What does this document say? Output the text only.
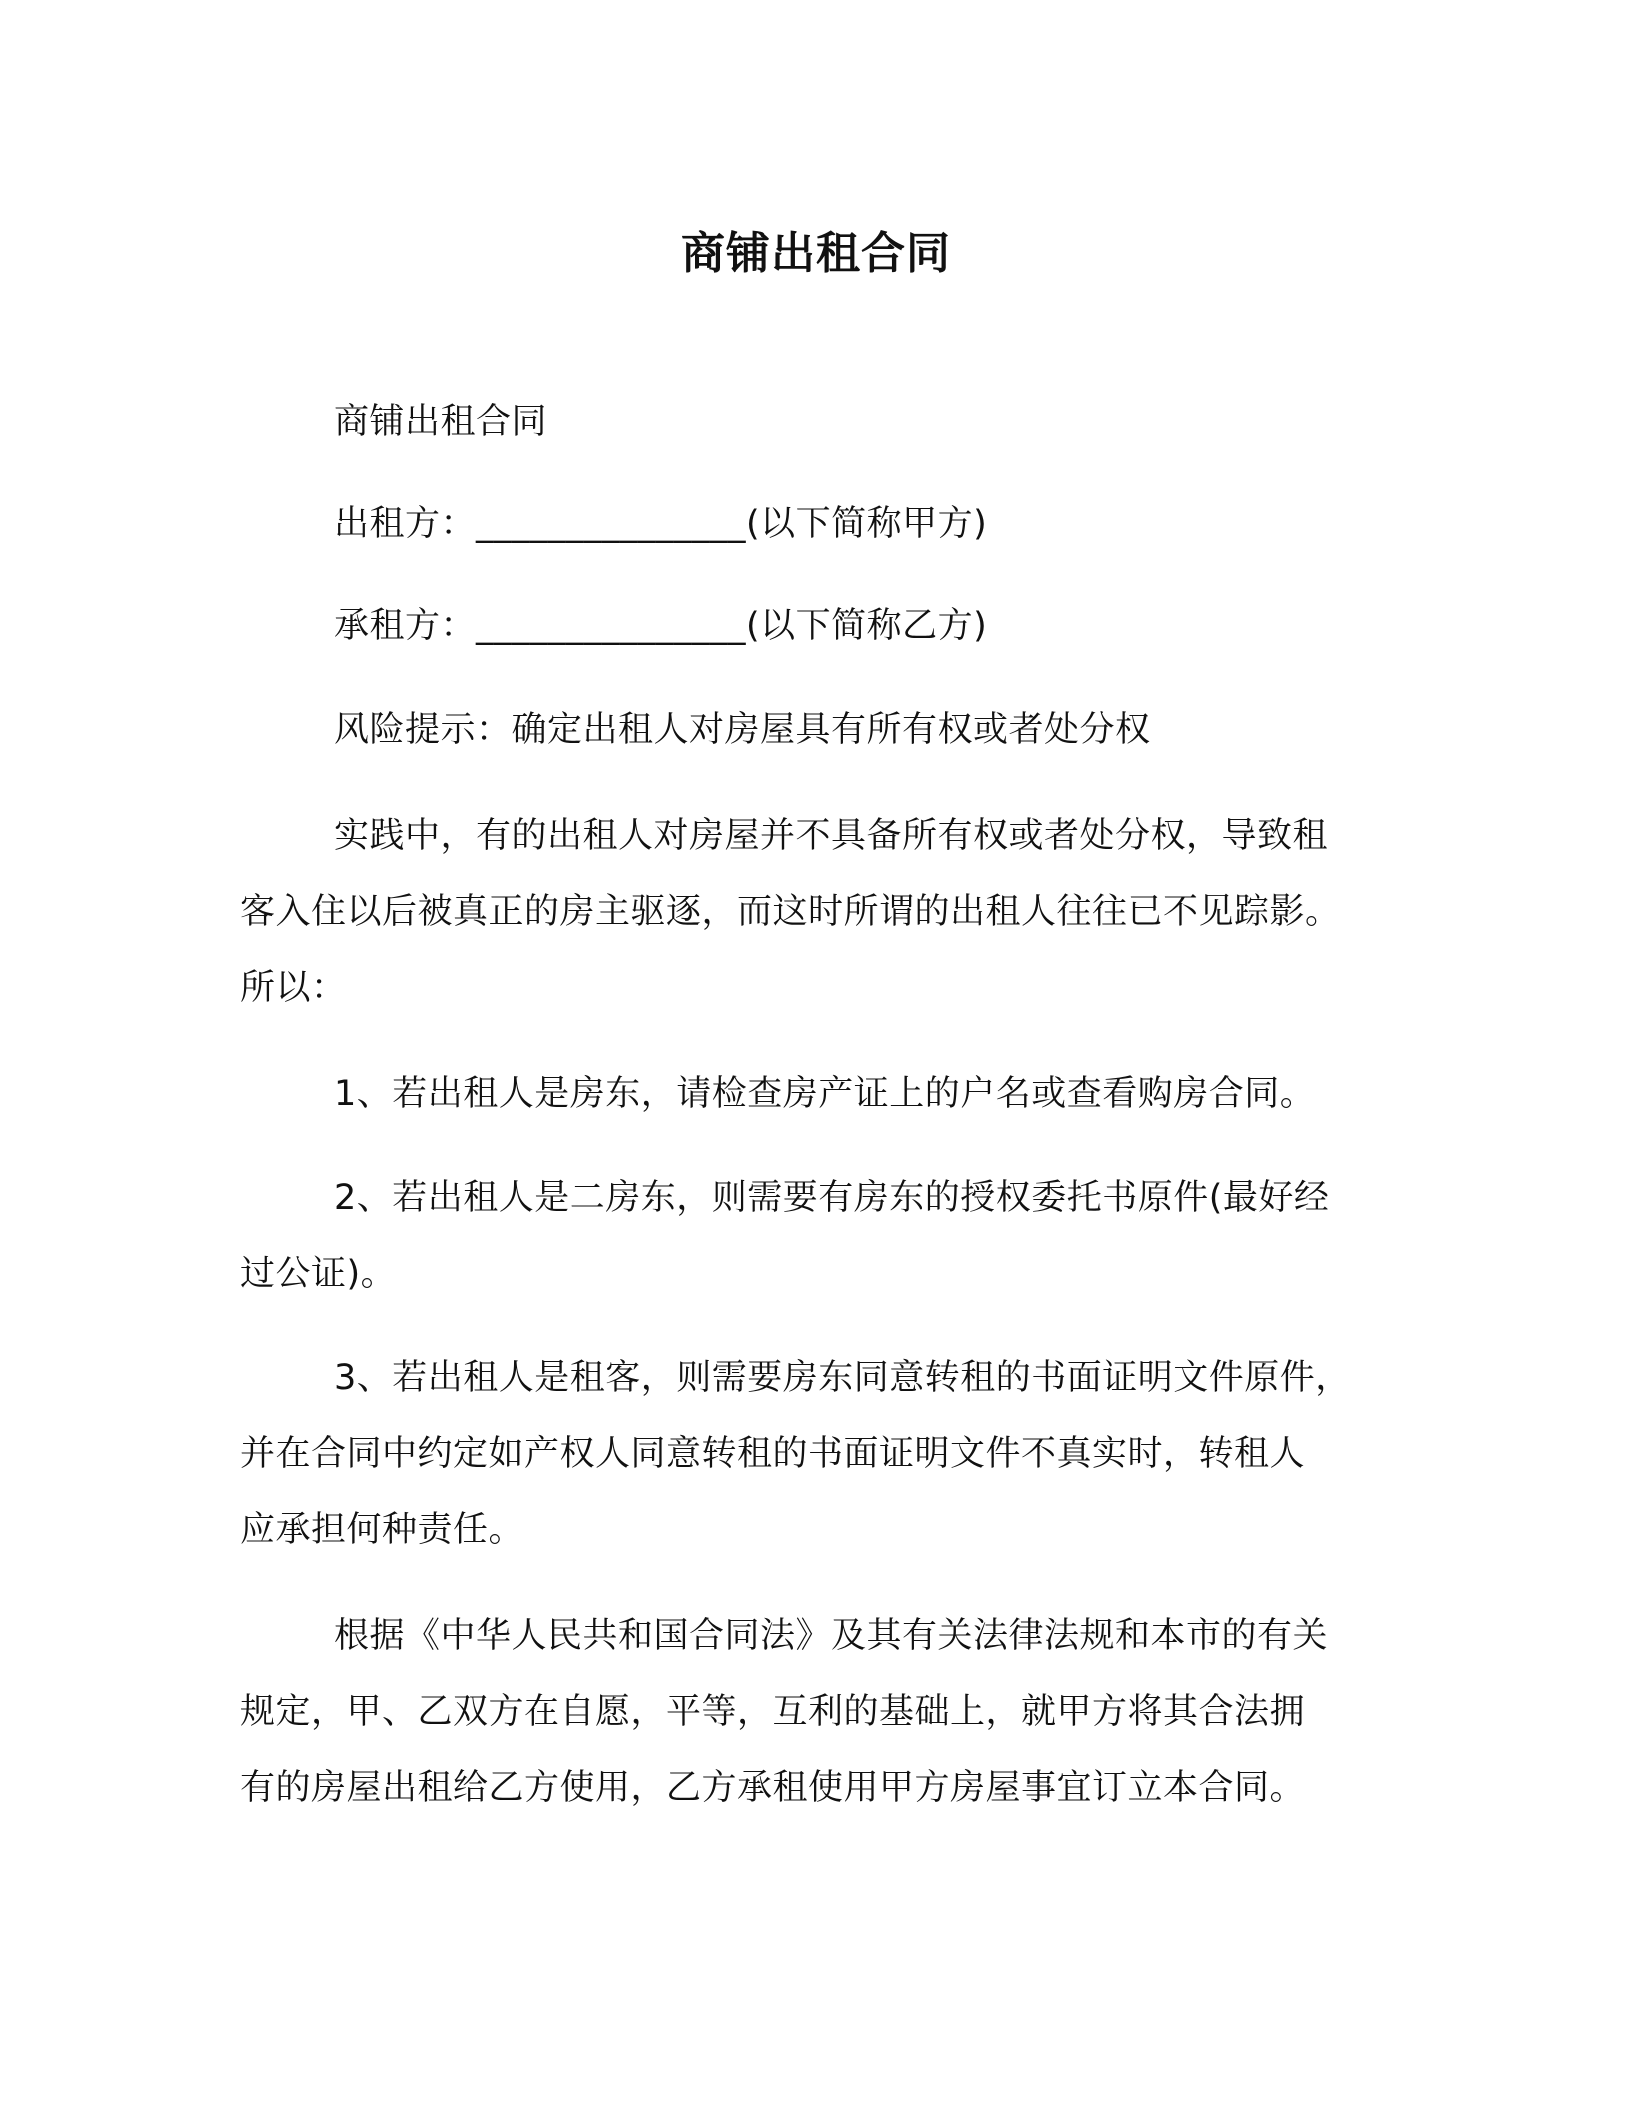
商铺出租合同
商铺出租合同
出租方：_______________(以下简称甲方)
承租方：_______________(以下简称乙方)
风险提示：确定出租人对房屋具有所有权或者处分权
实践中，有的出租人对房屋并不具备所有权或者处分权，导致租
客入住以后被真正的房主驱逐，而这时所谓的出租人往往已不见踪影。
所以：
1、若出租人是房东，请检查房产证上的户名或查看购房合同。
2、若出租人是二房东，则需要有房东的授权委托书原件(最好经
过公证)。
3、若出租人是租客，则需要房东同意转租的书面证明文件原件，
并在合同中约定如产权人同意转租的书面证明文件不真实时，转租人
应承担何种责任。
根据《中华人民共和国合同法》及其有关法律法规和本市的有关
规定，甲、乙双方在自愿，平等，互利的基础上，就甲方将其合法拥
有的房屋出租给乙方使用，乙方承租使用甲方房屋事宜订立本合同。
